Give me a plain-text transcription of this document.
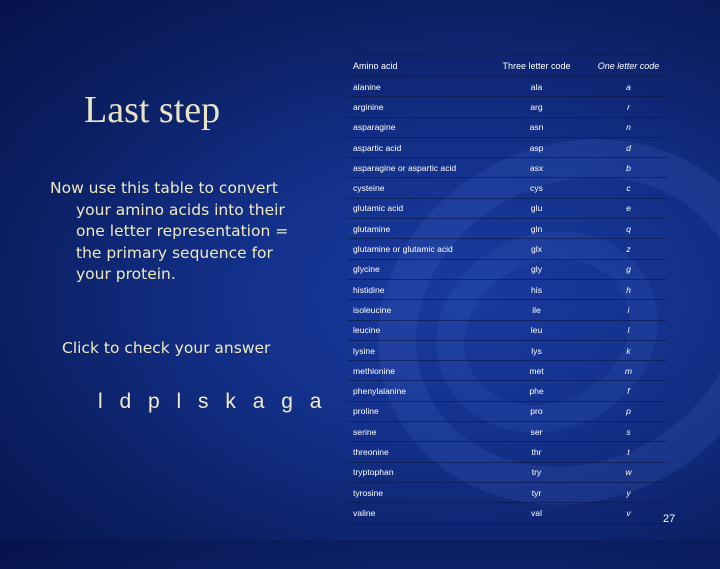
Last step
Now use this table to convert your amino acids into their one letter representation = the primary sequence for your protein.
Click to check your answer
l d p l s k a g a
Amino acid	Three letter code	One letter code
alanine	ala	a
arginine	arg	r
asparagine	asn	n
aspartic acid	asp	d
asparagine or aspartic acid	asx	b
cysteine	cys	c
glutamic acid	glu	e
glutamine	gln	q
glutamine or glutamic acid	glx	z
glycine	gly	g
histidine	his	h
isoleucine	ile	i
leucine	leu	l
lysine	lys	k
methionine	met	m
phenylalanine	phe	f
proline	pro	p
serine	ser	s
threonine	thr	t
tryptophan	try	w
tyrosine	tyr	y
valine	val	v
27
